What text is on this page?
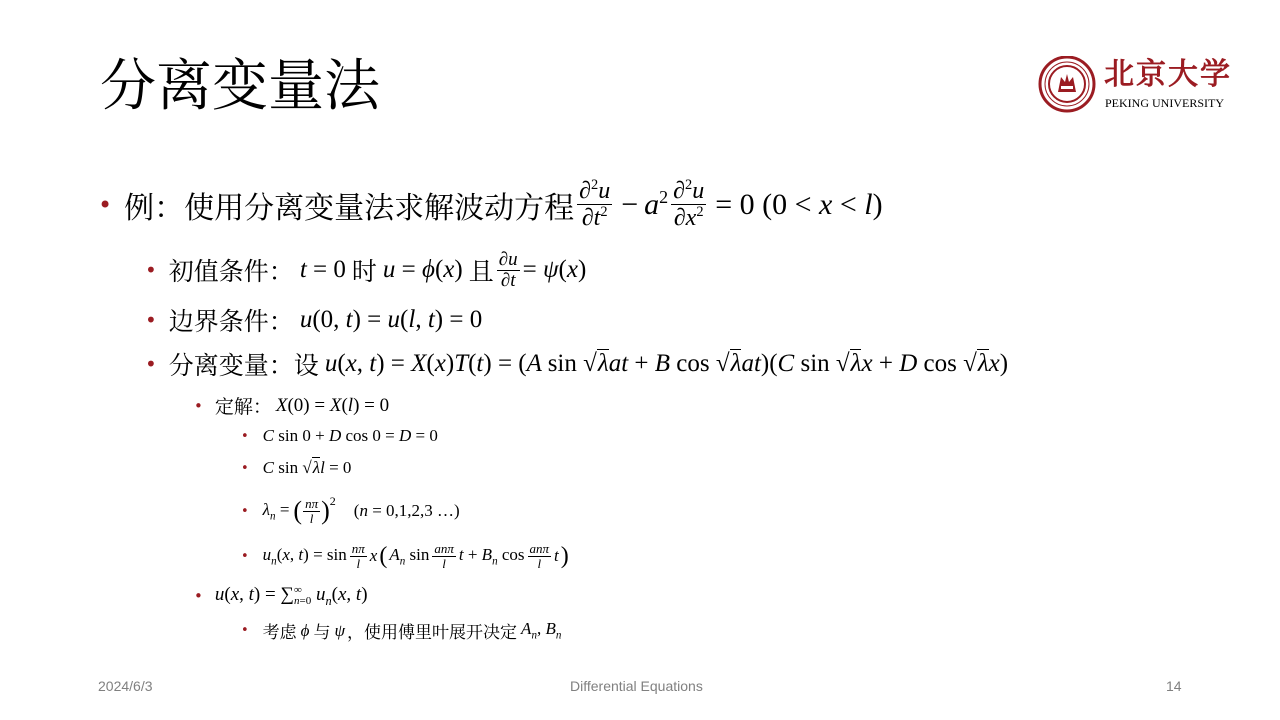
分离变量法	北京大学
PEKING UNIVERSITY
• 例：使用分离变量法求解波动方程 $\frac{\partial^2u}{\partial t^2} - a^2 \frac{\partial^2u}{\partial x^2} = 0$ (0 < x < l)
• 初值条件： t = 0 时 u = ϕ(x) 且 $\frac{\partial u}{\partial t} = \psi(x)$
• 边界条件： u(0, t) = u(l, t) = 0
• 分离变量：设 u(x, t) = X(x)T(t) = (A sin √λat + B cos √λat)(C sin √λx + D cos √λx)
• 定解： X(0) = X(l) = 0
• C sin 0 + D cos 0 = D = 0
• C sin √λl = 0
• $\lambda_n$ = ( $\frac{n\pi}{l}$ ) 2 (n = 0,1,2,3 …)
• $u_n(x$, $t) = \sin \frac{n\pi}{l}$ x ( $A_n$ $\sin \frac{\text{anπ}}{l}$ $t + B_n$ $\cos \frac{\text{anπ}}{l}$ t )
• u(x, t) = ∑ ∞
n=0 $u_n(x$, t)
• 考虑 ϕ 与 ψ ，使用傅里叶展开决定 $A_n$, $B_n$
2024/6/3	Differential Equations	14
